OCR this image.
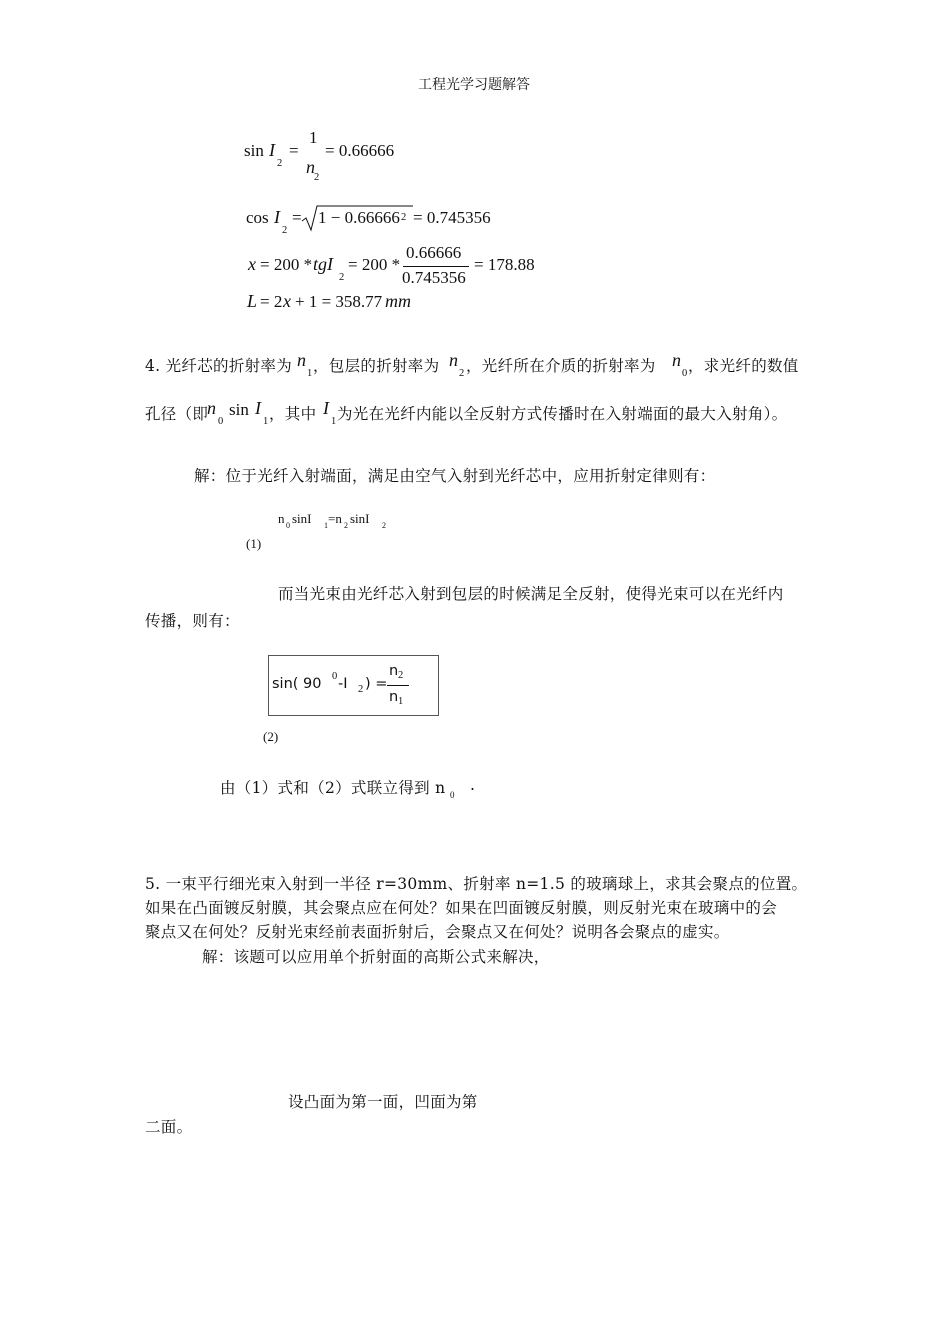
工程光学习题解答
sin I
2
=
1
n
2
= 0.66666
cos I
2
= 1 − 0.66666 2 = 0.745356
x = 200 * tgI
2
= 200 *
0.66666
0.745356
= 178.88
L = 2 x + 1 = 358.77 mm
4. 光纤芯的折射率为 n
1 ，包层的折射率为 n
2 ，光纤所在介质的折射率为 n
0 ，求光纤的数值
孔径（即
n
0
sin I
1 ，其中 I
1 为光在光纤内能以全反射方式传播时在入射端面的最大入射角）。
解：位于光纤入射端面，满足由空气入射到光纤芯中，应用折射定律则有：
n 0 sinI 1 =n 2 sinI 2
(1)
而当光束由光纤芯入射到包层的时候满足全反射，使得光束可以在光纤内
传播，则有：
sin( 90 0 -I 2 ) =
n 2
n 1
(2)
由（1）式和（2）式联立得到 n 0
.
5. 一束平行细光束入射到一半径 r=30mm、折射率 n=1.5 的玻璃球上，求其会聚点的位置。
如果在凸面镀反射膜，其会聚点应在何处？如果在凹面镀反射膜，则反射光束在玻璃中的会
聚点又在何处？反射光束经前表面折射后，会聚点又在何处？说明各会聚点的虚实。
解：该题可以应用单个折射面的高斯公式来解决，
设凸面为第一面，凹面为第
二面。
